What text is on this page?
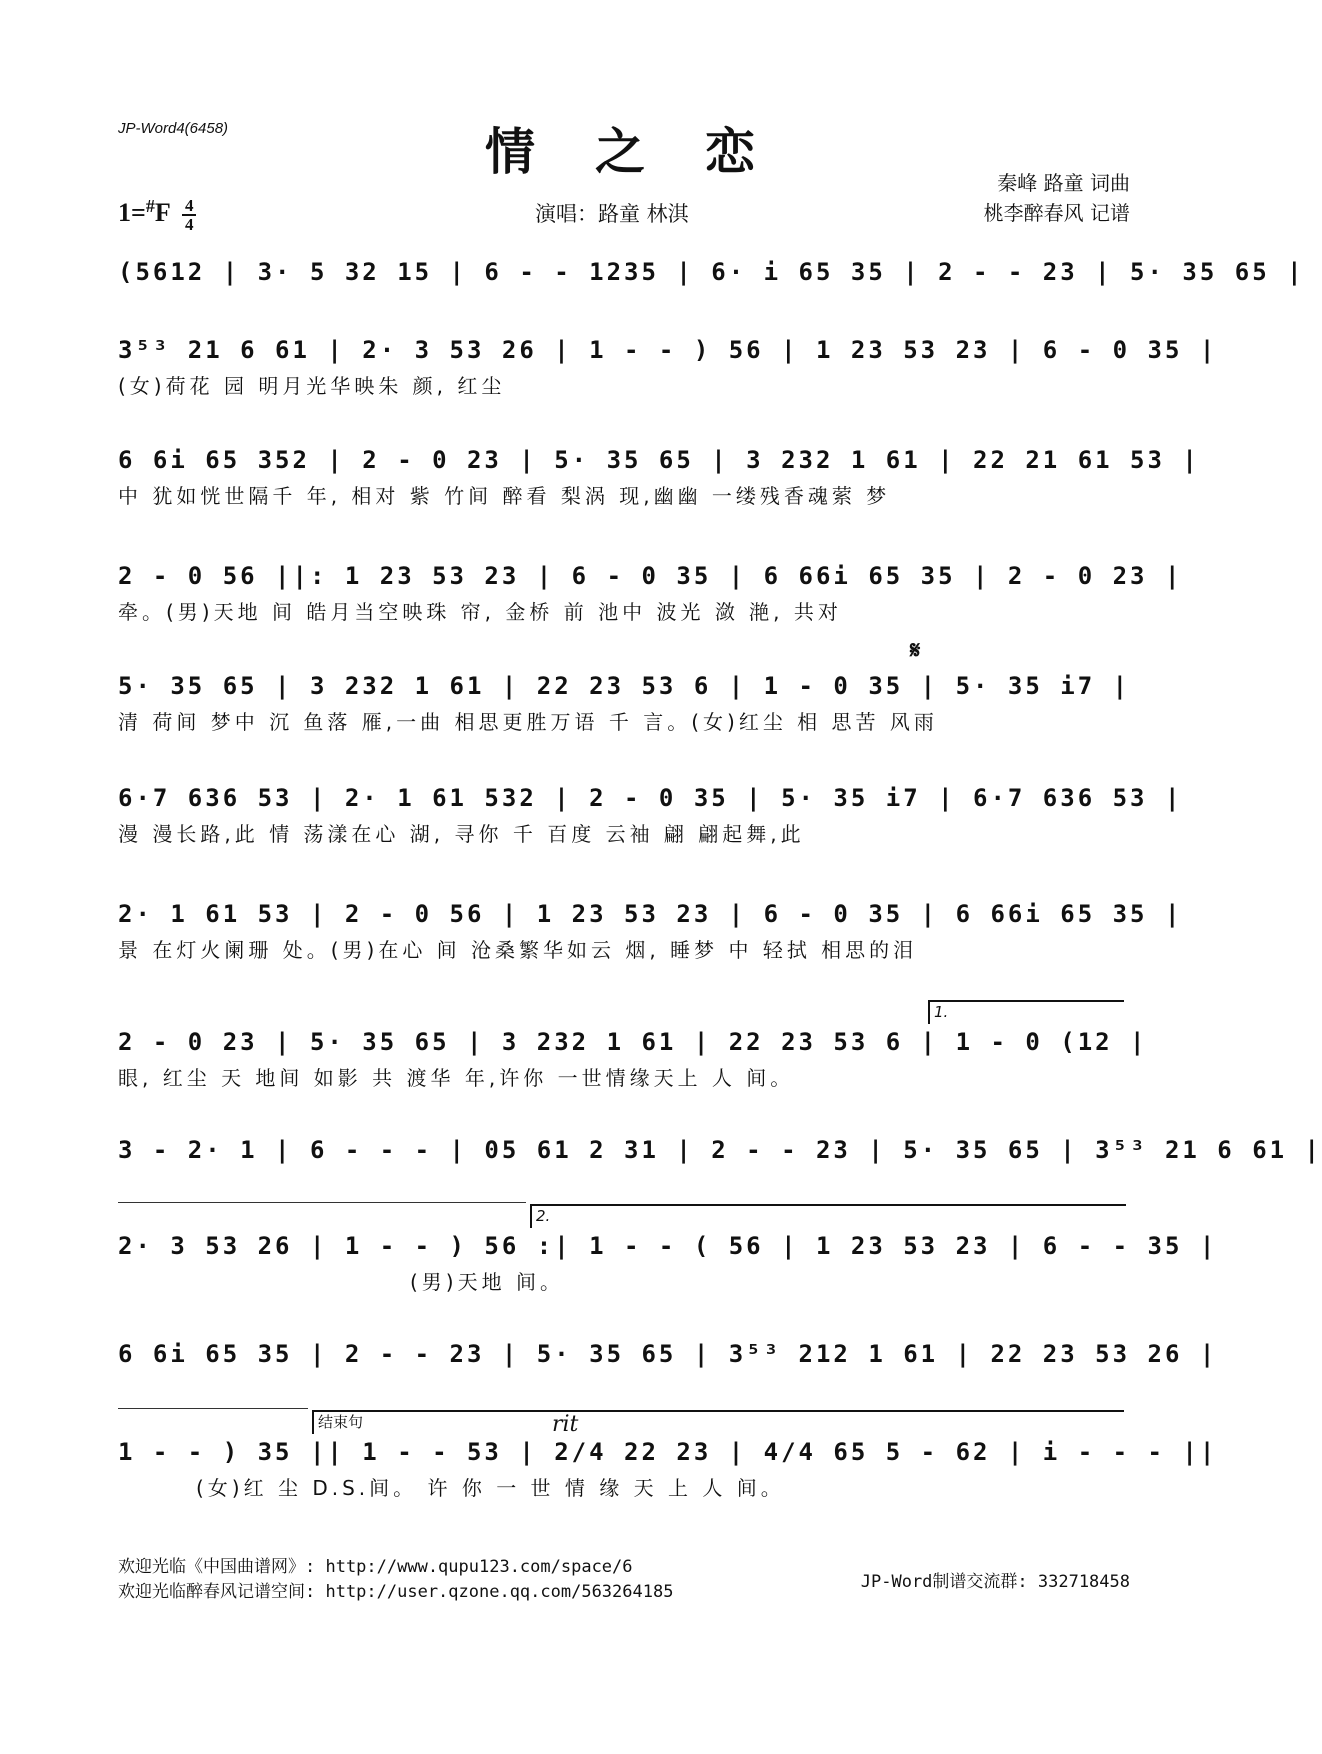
JP-Word4(6458)	情之恋
$1=^{\#}F \frac{4}{4}$	演唱：路童 林淇
秦峰 路童 词曲
桃李醉春风 记谱
(5612 | 3· 5 32 15 | 6 - - 1235 | 6· i 65 35 | 2 - - 23 | 5· 35 65 |
3⁵³ 21 6 61 | 2· 3 53 26 | 1 - - ) 56 | 1 23 53 23 | 6 - 0 35 |
(女)荷花 园 明月光华映朱 颜, 红尘
6 6i 65 352 | 2 - 0 23 | 5· 35 65 | 3 232 1 61 | 22 21 61 53 |
中 犹如恍世隔千 年, 相对 紫 竹间 醉看 梨涡 现,幽幽 一缕残香魂萦 梦
2 - 0 56 ||: 1 23 53 23 | 6 - 0 35 | 6 66i 65 35 | 2 - 0 23 |
牵。(男)天地 间 皓月当空映珠 帘, 金桥 前 池中 波光 潋 滟, 共对
𝄋
5· 35 65 | 3 232 1 61 | 22 23 53 6 | 1 - 0 35 | 5· 35 i7 |
清 荷间 梦中 沉 鱼落 雁,一曲 相思更胜万语 千 言。(女)红尘 相 思苦 风雨
6·7 636 53 | 2· 1 61 532 | 2 - 0 35 | 5· 35 i7 | 6·7 636 53 |
漫 漫长路,此 情 荡漾在心 湖, 寻你 千 百度 云袖 翩 翩起舞,此
2· 1 61 53 | 2 - 0 56 | 1 23 53 23 | 6 - 0 35 | 6 66i 65 35 |
景 在灯火阑珊 处。(男)在心 间 沧桑繁华如云 烟, 睡梦 中 轻拭 相思的泪
1.
2 - 0 23 | 5· 35 65 | 3 232 1 61 | 22 23 53 6 | 1 - 0 (12 |
眼, 红尘 天 地间 如影 共 渡华 年,许你 一世情缘天上 人 间。
3 - 2· 1 | 6 - - - | 05 61 2 31 | 2 - - 23 | 5· 35 65 | 3⁵³ 21 6 61 |
2.
2· 3 53 26 | 1 - - ) 56 :| 1 - - ( 56 | 1 23 53 23 | 6 - - 35 |
(男)天地 间。
6 6i 65 35 | 2 - - 23 | 5· 35 65 | 3⁵³ 212 1 61 | 22 23 53 26 |
结束句	rit
1 - - ) 35 || 1 - - 53 | 2/4 22 23 | 4/4 65 5 - 62 | i - - - ||
(女)红 尘 D.S.间。 许 你 一 世 情 缘 天 上 人 间。
欢迎光临《中国曲谱网》: http://www.qupu123.com/space/6
欢迎光临醉春风记谱空间: http://user.qzone.qq.com/563264185	JP-Word制谱交流群: 332718458
